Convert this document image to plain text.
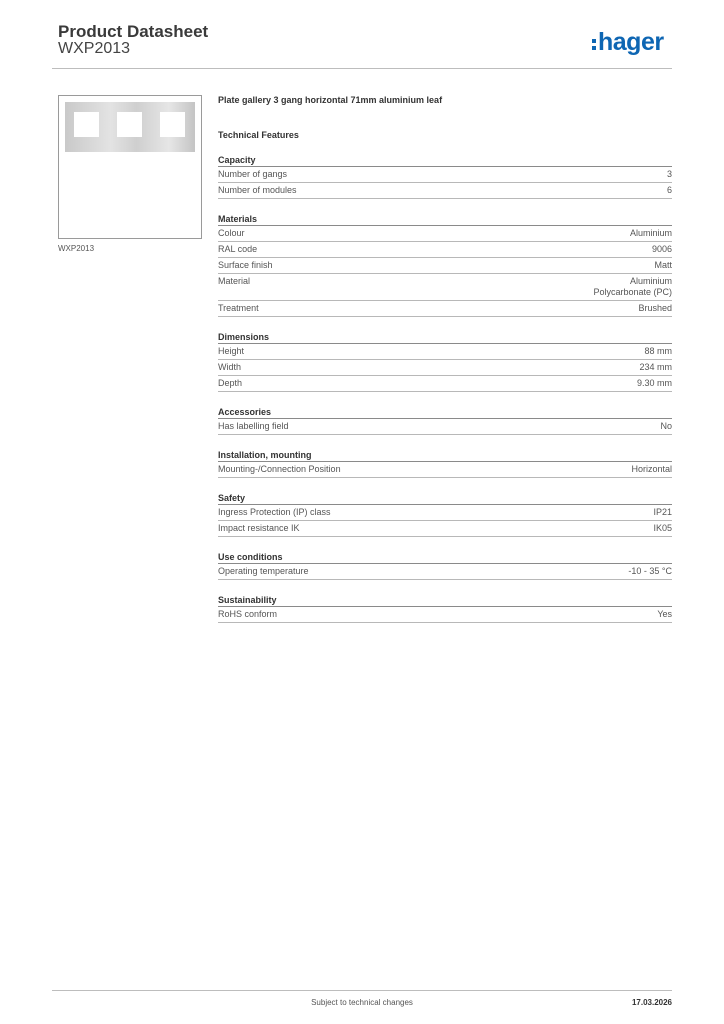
Product Datasheet
WXP2013	hager
WXP2013
Plate gallery 3 gang horizontal 71mm aluminium leaf
Technical Features
Capacity
Number of gangs	3
Number of modules	6
Materials
Colour	Aluminium
RAL code	9006
Surface finish	Matt
Material	Aluminium
Polycarbonate (PC)
Treatment	Brushed
Dimensions
Height	88 mm
Width	234 mm
Depth	9.30 mm
Accessories
Has labelling field	No
Installation, mounting
Mounting-/Connection Position	Horizontal
Safety
Ingress Protection (IP) class	IP21
Impact resistance IK	IK05
Use conditions
Operating temperature	-10 - 35 °C
Sustainability
RoHS conform	Yes
Subject to technical changes	17.03.2026
